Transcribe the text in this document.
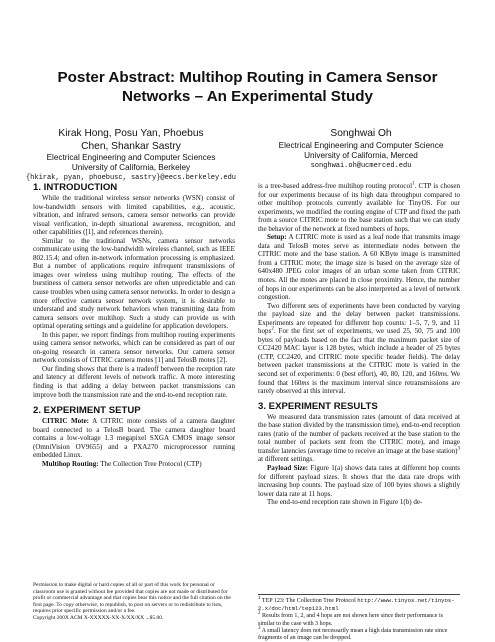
Poster Abstract: Multihop Routing in Camera Sensor Networks – An Experimental Study
Kirak Hong, Posu Yan, Phoebus Chen, Shankar Sastry
Electrical Engineering and Computer Sciences
University of California, Berkeley
{hkirak, pyan, phoebusc, sastry}@eecs.berkeley.edu
Songhwai Oh
Electrical Engineering and Computer Science
University of California, Merced
songhwai.oh@ucmerced.edu
1. INTRODUCTION

While the traditional wireless sensor networks (WSN) consist of low-bandwidth sensors with limited capabilities, e.g., acoustic, vibration, and infrared sensors, camera sensor networks can provide visual verification, in-depth situational awareness, recognition, and other capabilities ([1], and references therein).

Similar to the traditional WSNs, camera sensor networks communicate using the low-bandwidth wireless channel, such as IEEE 802.15.4; and often in-network information processing is emphasized. But a number of applications require infrequent transmissions of images over wireless using multihop routing. The effects of the burstiness of camera sensor networks are often unpredictable and can cause troubles when using camera sensor networks. In order to design a more effective camera sensor network system, it is desirable to understand and study network behaviors when transmitting data from camera sensors over multihop. Such a study can provide us with optimal operating settings and a guideline for application developers.

In this paper, we report findings from multihop routing experiments using camera sensor networks, which can be considered as part of our on-going research in camera sensor networks. Our camera sensor network consists of CITRIC camera motes [1] and TelosB motes [2].

Our finding shows that there is a tradeoff between the reception rate and latency at different levels of network traffic. A more interesting finding is that adding a delay between packet transmissions can improve both the transmission rate and the end-to-end reception rate.

2. EXPERIMENT SETUP

CITRIC Mote: A CITRIC mote consists of a camera daughter board connected to a TelosB board. The camera daughter board contains a low-voltage 1.3 megapixel SXGA CMOS image sensor (OmniVision OV9655) and a PXA270 microprocessor running embedded Linux.

Multihop Routing: The Collection Tree Protocol (CTP)

Permission to make digital or hard copies of all or part of this work for personal or classroom use is granted without fee provided that copies are not made or distributed for profit or commercial advantage and that copies bear this notice and the full citation on the first page. To copy otherwise, to republish, to post on servers or to redistribute to lists, requires prior specific permission and/or a fee.

Copyright 200X ACM X-XXXXX-XX-X/XX/XX ...$5.00.

is a tree-based address-free multihop routing protocol$^1$. CTP is chosen for our experiments because of its high data throughput compared to other multihop protocols currently available for TinyOS. For our experiments, we modified the routing engine of CTP and fixed the path from a source CITRIC mote to the base station such that we can study the behavior of the network at fixed numbers of hops.

Setup: A CITRIC mote is used as a leaf node that transmits image data and TelosB motes serve as intermediate nodes between the CITRIC mote and the base station. A 60 KByte image is transmitted from a CITRIC mote; the image size is based on the average size of 640x480 JPEG color images of an urban scene taken from CITRIC motes. All the motes are placed in close proximity. Hence, the number of hops in our experiments can be also interpreted as a level of network congestion.

Two different sets of experiments have been conducted by varying the payload size and the delay between packet transmissions. Experiments are repeated for different hop counts: 1–5, 7, 9, and 11 hops$^2$. For the first set of experiments, we used 25, 50, 75 and 100 bytes of payloads based on the fact that the maximum packet size of CC2420 MAC layer is 128 bytes, which include a header of 25 bytes (CTP, CC2420, and CITRIC mote specific header fields). The delay between packet transmissions at the CITRIC mote is varied in the second set of experiments: 0 (best effort), 40, 80, 120, and 160ms. We found that 160ms is the maximum interval since retransmissions are rarely observed at this interval.

3. EXPERIMENT RESULTS

We measured data transmission rates (amount of data received at the base station divided by the transmission time), end-to-end reception rates (ratio of the number of packets received at the base station to the total number of packets sent from the CITRIC mote), and image transfer latencies (average time to receive an image at the base station)$^3$ at different settings.

Payload Size: Figure 1(a) shows data rates at different hop counts for different payload sizes. It shows that the data rate drops with increasing hop counts. The payload size of 100 bytes shows a slightly lower data rate at 11 hops.

The end-to-end reception rate shown in Figure 1(b) de-

$^1$ TEP 123: The Collection Tree Protocol http://www.tinyos.net/tinyos-2.x/doc/html/tep123.html

$^2$ Results from 1, 2, and 4 hops are not shown here since their performance is similar to the case with 3 hops.

$^3$ A small latency does not necessarily mean a high data transmission rate since fragments of an image can be dropped.
